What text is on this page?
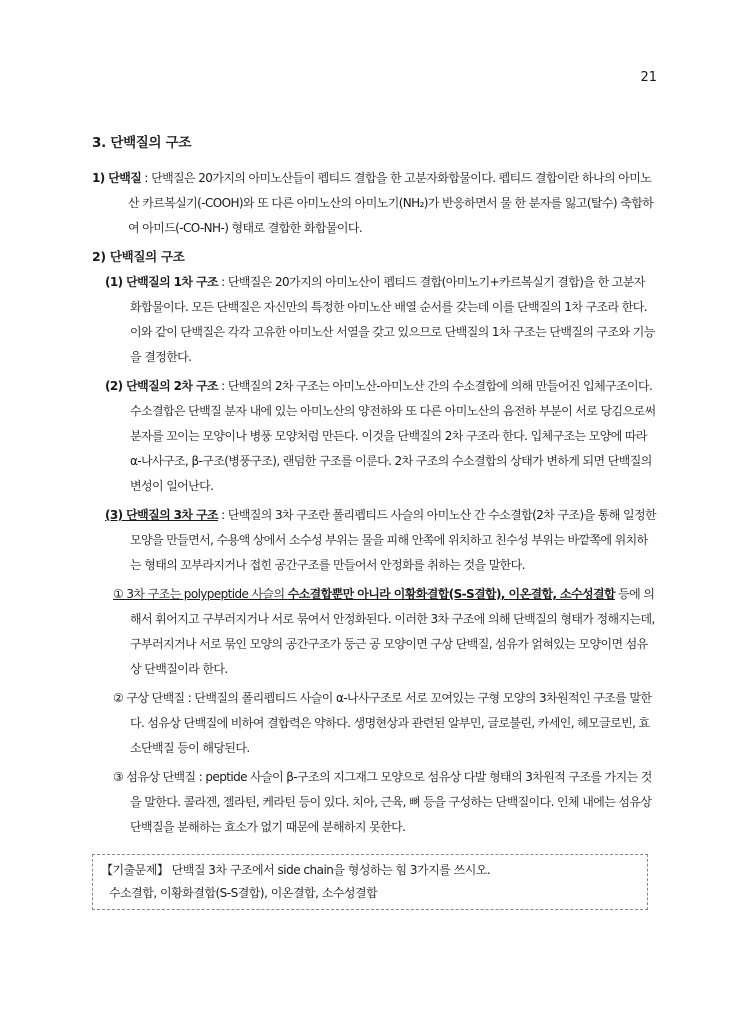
21
3. 단백질의 구조
1) 단백질 : 단백질은 20가지의 아미노산들이 펩티드 결합을 한 고분자화합물이다. 펩티드 결합이란 하나의 아미노산 카르복실기(-COOH)와 또 다른 아미노산의 아미노기(NH₂)가 반응하면서 물 한 분자를 잃고(탈수) 축합하여 아미드(-CO-NH-) 형태로 결합한 화합물이다.
2) 단백질의 구조
(1) 단백질의 1차 구조 : 단백질은 20가지의 아미노산이 펩티드 결합(아미노기+카르복실기 결합)을 한 고분자 화합물이다. 모든 단백질은 자신만의 특정한 아미노산 배열 순서를 갖는데 이를 단백질의 1차 구조라 한다. 이와 같이 단백질은 각각 고유한 아미노산 서열을 갖고 있으므로 단백질의 1차 구조는 단백질의 구조와 기능을 결정한다.
(2) 단백질의 2차 구조 : 단백질의 2차 구조는 아미노산-아미노산 간의 수소결합에 의해 만들어진 입체구조이다. 수소결합은 단백질 분자 내에 있는 아미노산의 양전하와 또 다른 아미노산의 음전하 부분이 서로 당김으로써 분자를 꼬이는 모양이나 병풍 모양처럼 만든다. 이것을 단백질의 2차 구조라 한다. 입체구조는 모양에 따라 α-나사구조, β-구조(병풍구조), 랜덤한 구조를 이룬다. 2차 구조의 수소결합의 상태가 변하게 되면 단백질의 변성이 일어난다.
(3) 단백질의 3차 구조 : 단백질의 3차 구조란 폴리펩티드 사슬의 아미노산 간 수소결합(2차 구조)을 통해 일정한 모양을 만들면서, 수용액 상에서 소수성 부위는 물을 피해 안쪽에 위치하고 친수성 부위는 바깥쪽에 위치하는 형태의 꼬부라지거나 접힌 공간구조를 만들어서 안정화를 취하는 것을 말한다.
① 3차 구조는 polypeptide 사슬의 수소결합뿐만 아니라 이황화결합(S-S결합), 이온결합, 소수성결합 등에 의해서 휘어지고 구부러지거나 서로 묶여서 안정화된다. 이러한 3차 구조에 의해 단백질의 형태가 정해지는데, 구부러지거나 서로 묶인 모양의 공간구조가 둥근 공 모양이면 구상 단백질, 섬유가 얽혀있는 모양이면 섬유상 단백질이라 한다.
② 구상 단백질 : 단백질의 폴리펩티드 사슬이 α-나사구조로 서로 꼬여있는 구형 모양의 3차원적인 구조를 말한다. 섬유상 단백질에 비하여 결합력은 약하다. 생명현상과 관련된 알부민, 글로불린, 카세인, 헤모글로빈, 효소단백질 등이 해당된다.
③ 섬유상 단백질 : peptide 사슬이 β-구조의 지그재그 모양으로 섬유상 다발 형태의 3차원적 구조를 가지는 것을 말한다. 콜라겐, 젤라틴, 케라틴 등이 있다. 치아, 근육, 뼈 등을 구성하는 단백질이다. 인체 내에는 섬유상 단백질을 분해하는 효소가 없기 때문에 분해하지 못한다.
【기출문제】 단백질 3차 구조에서 side chain을 형성하는 힘 3가지를 쓰시오.
수소결합, 이황화결합(S-S결합), 이온결합, 소수성결합
